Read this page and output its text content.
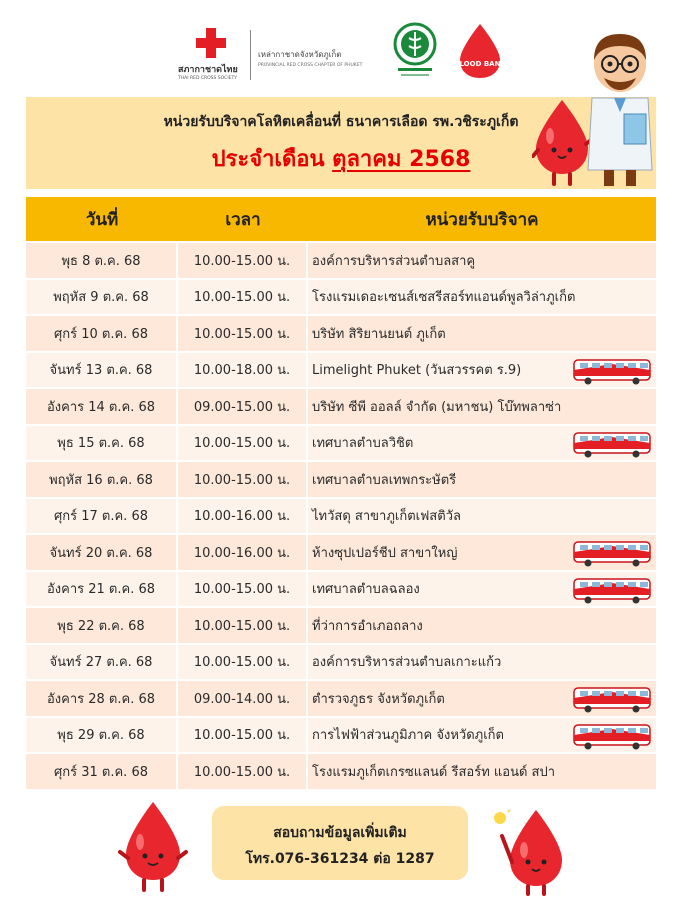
สภากาชาดไทย
THAI RED CROSS SOCIETY
เหล่ากาชาดจังหวัดภูเก็ต
PROVINCIAL RED CROSS CHAPTER OF PHUKET	BLOOD BANK
หน่วยรับบริจาคโลหิตเคลื่อนที่ ธนาคารเลือด รพ.วชิระภูเก็ต
ประจำเดือน ตุลาคม 2568
วันที่	เวลา	หน่วยรับบริจาค
พุธ 8 ต.ค. 68	10.00-15.00 น.	องค์การบริหารส่วนตำบลสาคู
พฤหัส 9 ต.ค. 68	10.00-15.00 น.	โรงแรมเดอะเซนส์เซสรีสอร์ทแอนด์พูลวิล่าภูเก็ต
ศุกร์ 10 ต.ค. 68	10.00-15.00 น.	บริษัท สิริยานยนต์ ภูเก็ต
จันทร์ 13 ต.ค. 68	10.00-18.00 น.	Limelight Phuket (วันสวรรคต ร.9)
อังคาร 14 ต.ค. 68	09.00-15.00 น.	บริษัท ซีพี ออลล์ จำกัด (มหาชน) โบ๊ทพลาซ่า
พุธ 15 ต.ค. 68	10.00-15.00 น.	เทศบาลตำบลวิชิต
พฤหัส 16 ต.ค. 68	10.00-15.00 น.	เทศบาลตำบลเทพกระษัตรี
ศุกร์ 17 ต.ค. 68	10.00-16.00 น.	ไทวัสดุ สาขาภูเก็ตเฟสติวัล
จันทร์ 20 ต.ค. 68	10.00-16.00 น.	ห้างซุปเปอร์ชีป สาขาใหญ่
อังคาร 21 ต.ค. 68	10.00-15.00 น.	เทศบาลตำบลฉลอง
พุธ 22 ต.ค. 68	10.00-15.00 น.	ที่ว่าการอำเภอถลาง
จันทร์ 27 ต.ค. 68	10.00-15.00 น.	องค์การบริหารส่วนตำบลเกาะแก้ว
อังคาร 28 ต.ค. 68	09.00-14.00 น.	ตำรวจภูธร จังหวัดภูเก็ต
พุธ 29 ต.ค. 68	10.00-15.00 น.	การไฟฟ้าส่วนภูมิภาค จังหวัดภูเก็ต
ศุกร์ 31 ต.ค. 68	10.00-15.00 น.	โรงแรมภูเก็ตเกรซแลนด์ รีสอร์ท แอนด์ สปา
สอบถามข้อมูลเพิ่มเติม
โทร.076-361234 ต่อ 1287
